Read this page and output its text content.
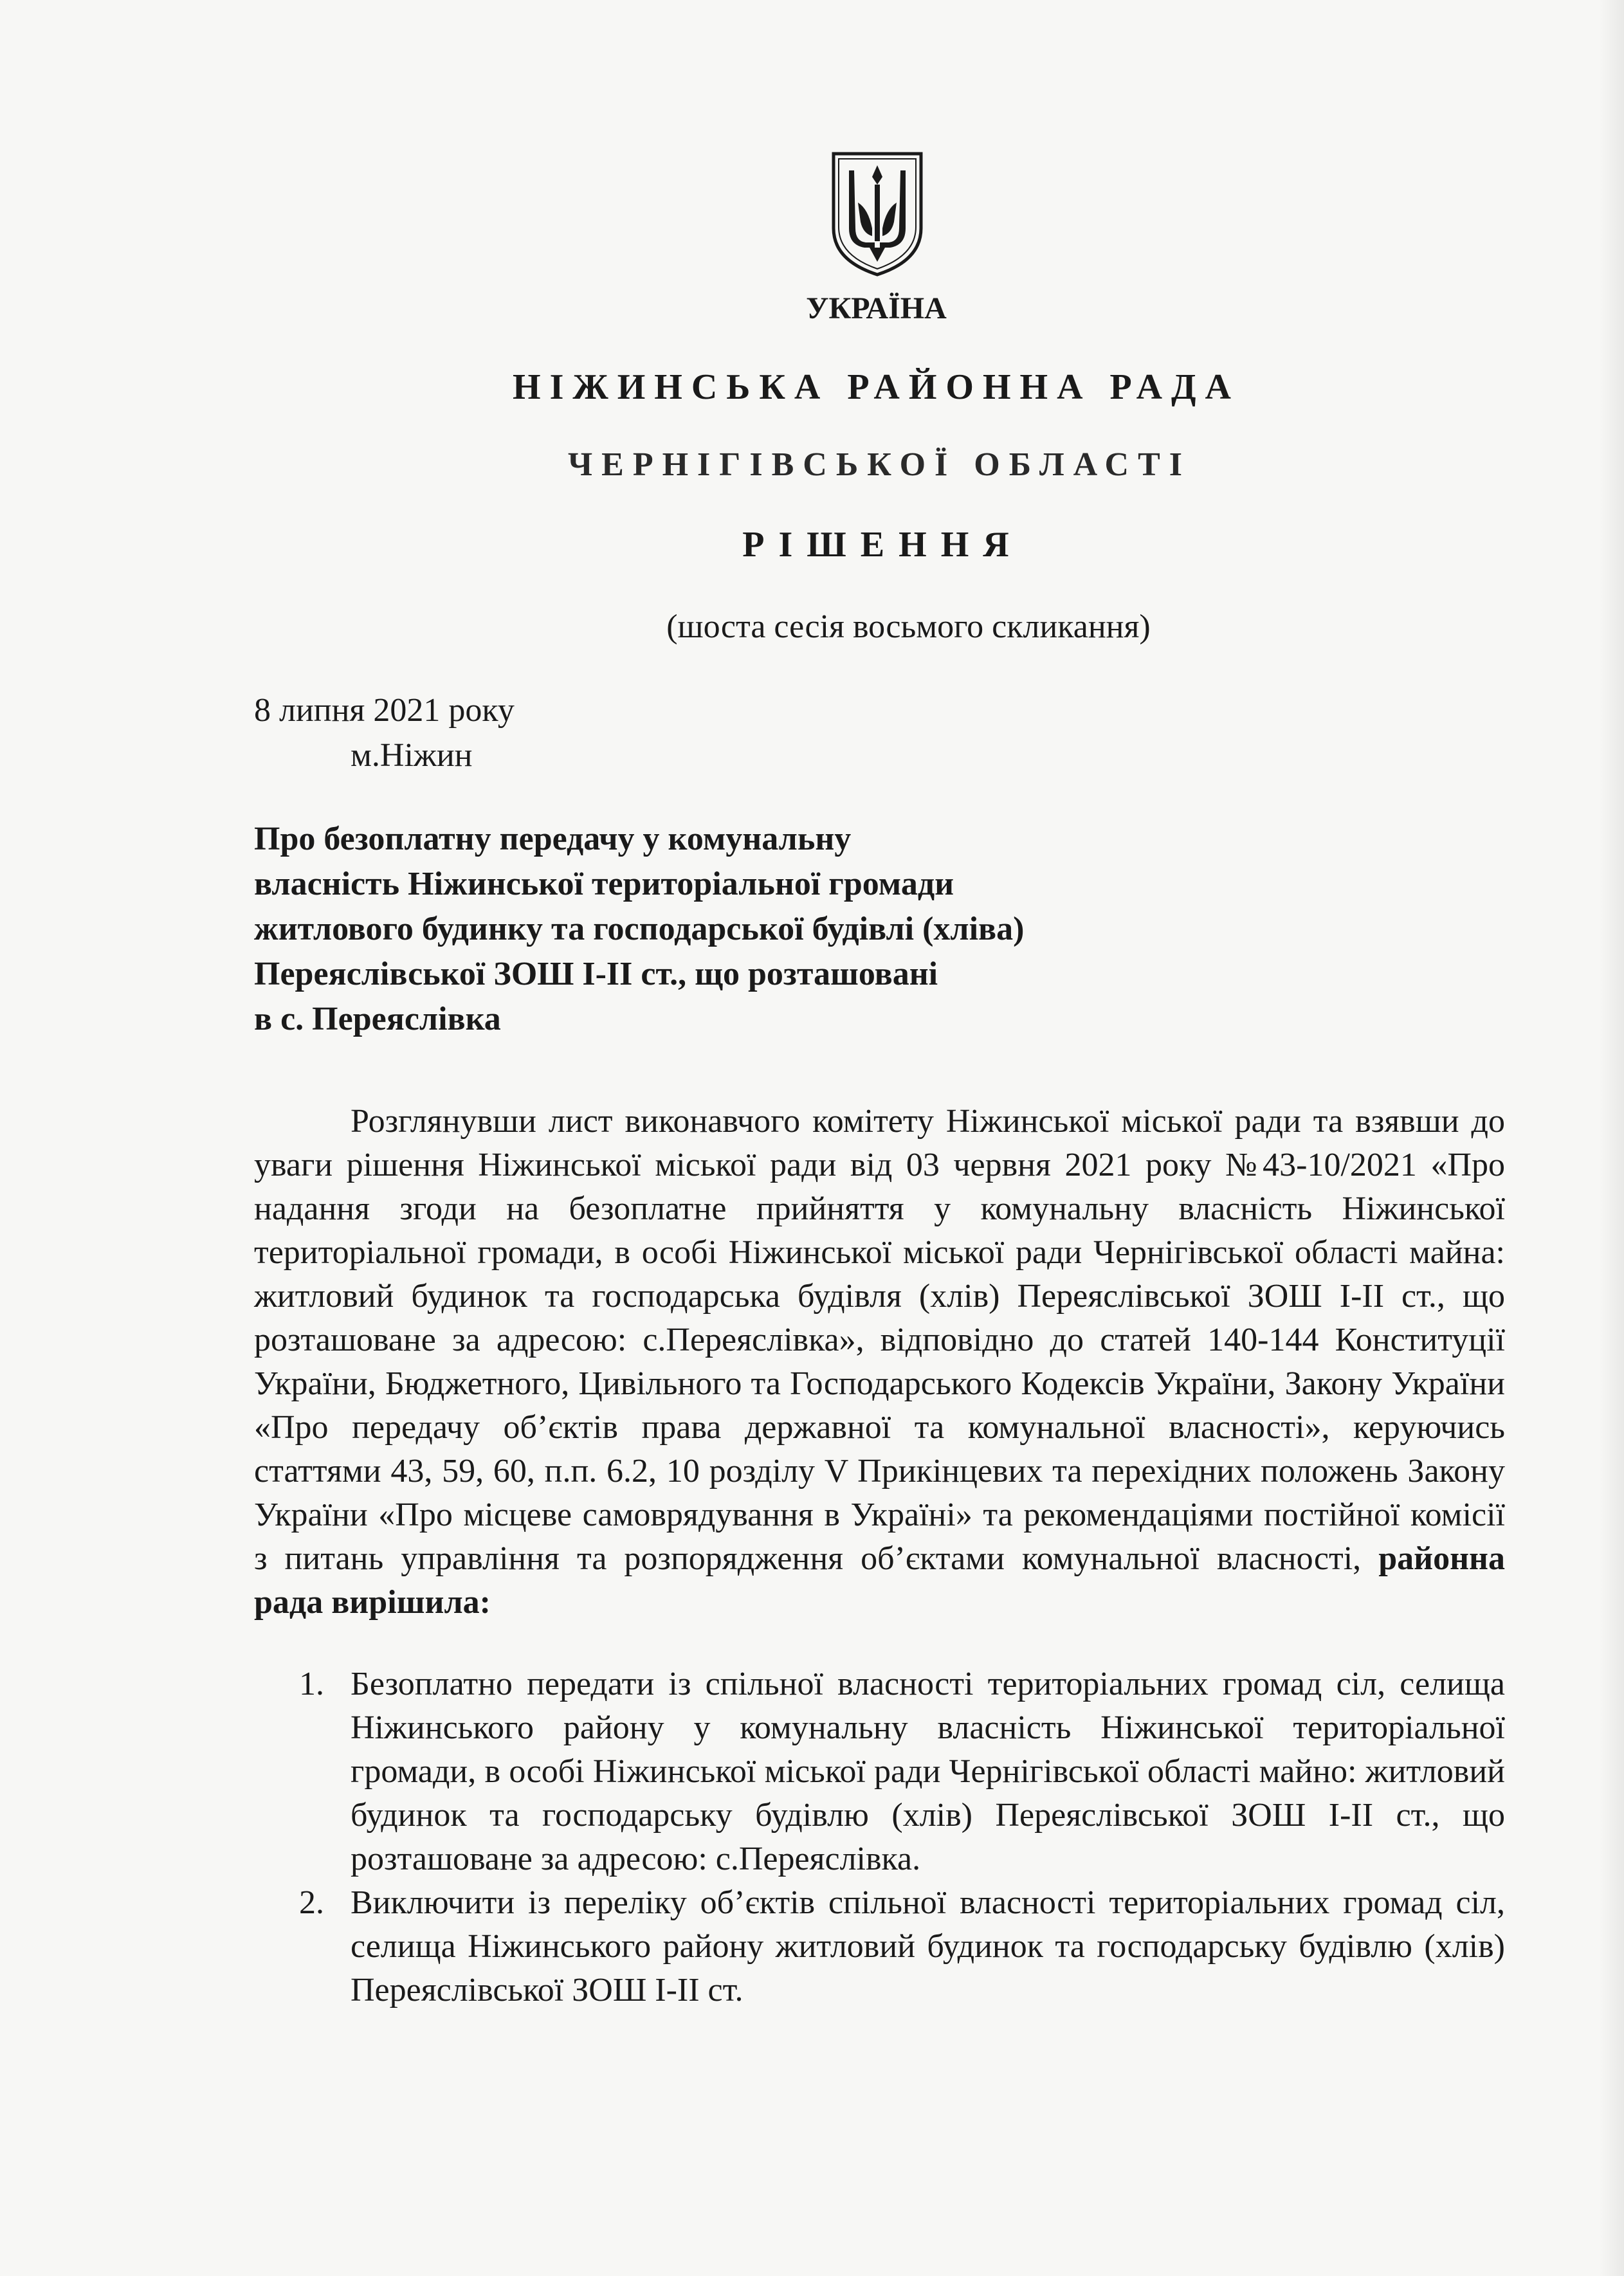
УКРАЇНА
НІЖИНСЬКА РАЙОННА РАДА
ЧЕРНІГІВСЬКОЇ ОБЛАСТІ
РІШЕННЯ
(шоста сесія восьмого скликання)
8 липня 2021 року
м.Ніжин
Про безоплатну передачу у комунальну
власність Ніжинської територіальної громади
житлового будинку та господарської будівлі (хліва)
Переяслівської ЗОШ І-ІІ ст., що розташовані
в с. Переяслівка
Розглянувши лист виконавчого комітету Ніжинської міської ради та взявши до уваги рішення Ніжинської міської ради від 03 червня 2021 року №43-10/2021 «Про надання згоди на безоплатне прийняття у комунальну власність Ніжинської територіальної громади, в особі Ніжинської міської ради Чернігівської області майна: житловий будинок та господарська будівля (хлів) Переяслівської ЗОШ І-ІІ ст., що розташоване за адресою: с.Переяслівка», відповідно до статей 140-144 Конституції України, Бюджетного, Цивільного та Господарського Кодексів України, Закону України «Про передачу об’єктів права державної та комунальної власності», керуючись статтями 43, 59, 60, п.п. 6.2, 10 розділу V Прикінцевих та перехідних положень Закону України «Про місцеве самоврядування в Україні» та рекомендаціями постійної комісії з питань управління та розпорядження об’єктами комунальної власності, районна рада вирішила:
1. Безоплатно передати із спільної власності територіальних громад сіл, селища Ніжинського району у комунальну власність Ніжинської територіальної громади, в особі Ніжинської міської ради Чернігівської області майно: житловий будинок та господарську будівлю (хлів) Переяслівської ЗОШ І-ІІ ст., що розташоване за адресою: с.Переяслівка.
2. Виключити із переліку об’єктів спільної власності територіальних громад сіл, селища Ніжинського району житловий будинок та господарську будівлю (хлів) Переяслівської ЗОШ І-ІІ ст.
